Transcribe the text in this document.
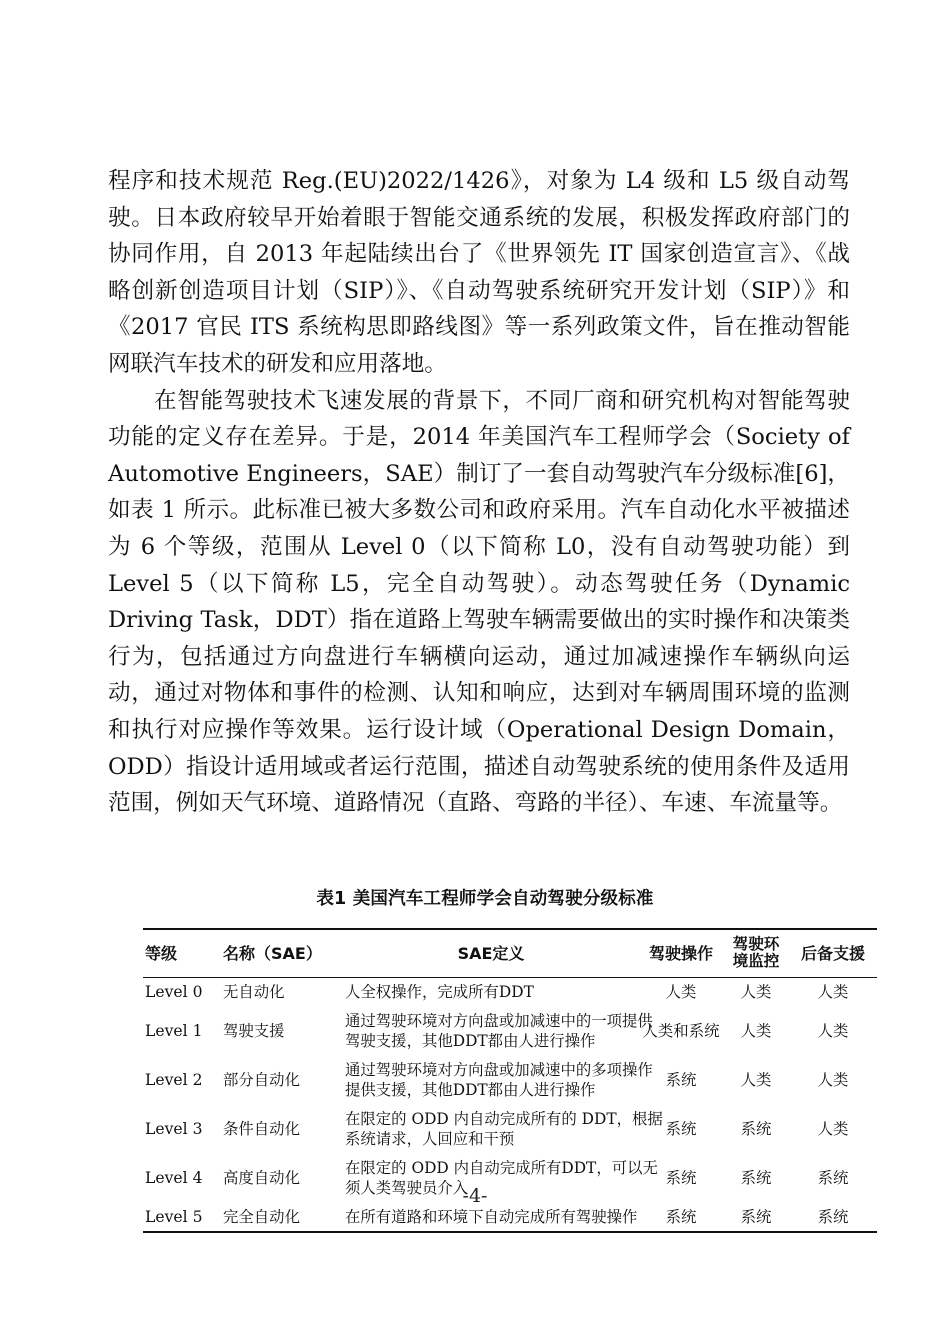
程序和技术规范 Reg.(EU)2022/1426》，对象为 L4 级和 L5 级自动驾驶。日本政府较早开始着眼于智能交通系统的发展，积极发挥政府部门的协同作用，自 2013 年起陆续出台了《世界领先 IT 国家创造宣言》、《战略创新创造项目计划（SIP）》、《自动驾驶系统研究开发计划（SIP）》和《2017 官民 ITS 系统构思即路线图》等一系列政策文件，旨在推动智能网联汽车技术的研发和应用落地。

在智能驾驶技术飞速发展的背景下，不同厂商和研究机构对智能驾驶功能的定义存在差异。于是，2014 年美国汽车工程师学会（Society of Automotive Engineers，SAE）制订了一套自动驾驶汽车分级标准[6]，如表 1 所示。此标准已被大多数公司和政府采用。汽车自动化水平被描述为 6 个等级，范围从 Level 0（以下简称 L0，没有自动驾驶功能）到 Level 5（以下简称 L5，完全自动驾驶）。动态驾驶任务（Dynamic Driving Task，DDT）指在道路上驾驶车辆需要做出的实时操作和决策类行为，包括通过方向盘进行车辆横向运动，通过加减速操作车辆纵向运动，通过对物体和事件的检测、认知和响应，达到对车辆周围环境的监测和执行对应操作等效果。运行设计域（Operational Design Domain，ODD）指设计适用域或者运行范围，描述自动驾驶系统的使用条件及适用范围，例如天气环境、道路情况（直路、弯路的半径）、车速、车流量等。

表1 美国汽车工程师学会自动驾驶分级标准
等级	名称（SAE）	SAE定义	驾驶操作	驾驶环
境监控	后备支援
Level 0	无自动化	人全权操作，完成所有DDT	人类	人类	人类
Level 1	驾驶支援	通过驾驶环境对方向盘或加减速中的一项提供
驾驶支援，其他DDT都由人进行操作	人类和系统	人类	人类
Level 2	部分自动化	通过驾驶环境对方向盘或加减速中的多项操作
提供支援，其他DDT都由人进行操作	系统	人类	人类
Level 3	条件自动化	在限定的 ODD 内自动完成所有的 DDT，根据
系统请求，人回应和干预	系统	系统	人类
Level 4	高度自动化	在限定的 ODD 内自动完成所有DDT，可以无
须人类驾驶员介入	系统	系统	系统
Level 5	完全自动化	在所有道路和环境下自动完成所有驾驶操作	系统	系统	系统
-4-
